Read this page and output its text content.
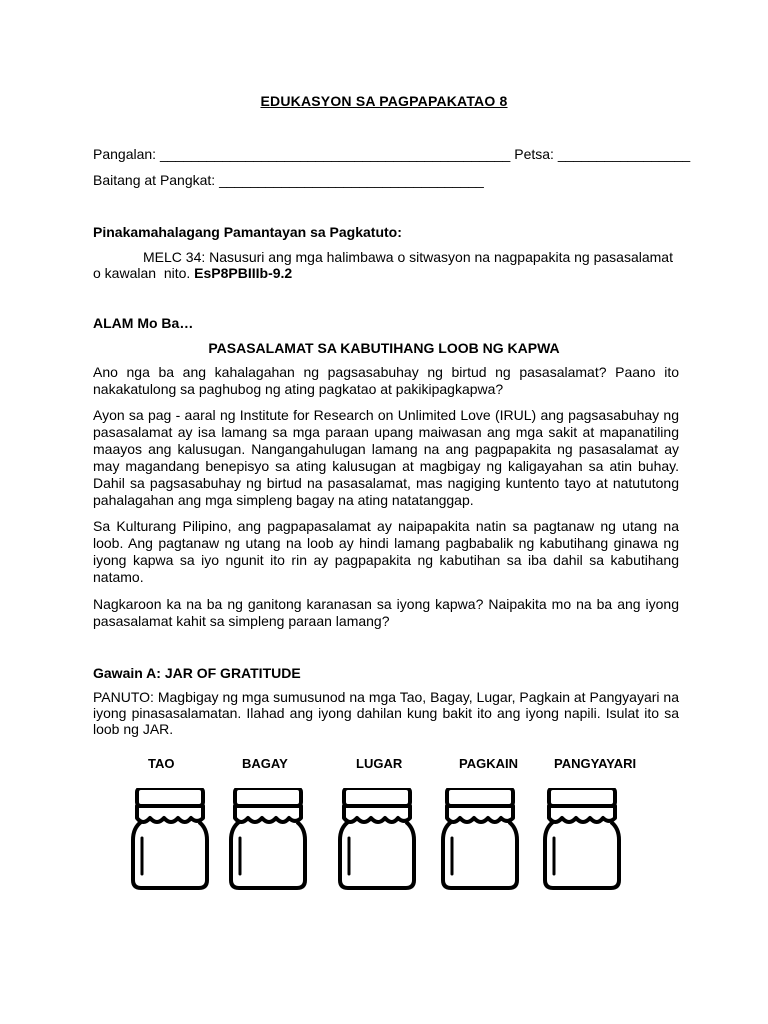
EDUKASYON SA PAGPAPAKATAO 8
Pangalan: _____________________________________________ Petsa: _________________
Baitang at Pangkat: __________________________________
Pinakamahalagang Pamantayan sa Pagkatuto:
MELC 34: Nasusuri ang mga halimbawa o sitwasyon na nagpapakita ng pasasalamat
o kawalan  nito. EsP8PBIIIb-9.2
ALAM Mo Ba…
PASASALAMAT SA KABUTIHANG LOOB NG KAPWA
Ano nga ba ang kahalagahan ng pagsasabuhay ng birtud ng pasasalamat? Paano ito nakakatulong sa paghubog ng ating pagkatao at pakikipagkapwa?
Ayon sa pag - aaral ng Institute for Research on Unlimited Love (IRUL) ang pagsasabuhay ng pasasalamat ay isa lamang sa mga paraan upang maiwasan ang mga sakit at mapanatiling maayos ang kalusugan. Nangangahulugan lamang na ang pagpapakita ng pasasalamat ay may magandang benepisyo sa ating kalusugan at magbigay ng kaligayahan sa atin buhay. Dahil sa pagsasabuhay ng birtud na pasasalamat, mas nagiging kuntento tayo at natututong pahalagahan ang mga simpleng bagay na ating natatanggap.
Sa Kulturang Pilipino, ang pagpapasalamat ay naipapakita natin sa pagtanaw ng utang na loob. Ang pagtanaw ng utang na loob ay hindi lamang pagbabalik ng kabutihang ginawa ng iyong kapwa sa iyo ngunit ito rin ay pagpapakita ng kabutihan sa iba dahil sa kabutihang natamo.
Nagkaroon ka na ba ng ganitong karanasan sa iyong kapwa? Naipakita mo na ba ang iyong pasasalamat kahit sa simpleng paraan lamang?
Gawain A: JAR OF GRATITUDE
PANUTO: Magbigay ng mga sumusunod na mga Tao, Bagay, Lugar, Pagkain at Pangyayari na iyong pinasasalamatan. Ilahad ang iyong dahilan kung bakit ito ang iyong napili. Isulat ito sa loob ng JAR.
TAO	BAGAY	LUGAR	PAGKAIN	PANGYAYARI
